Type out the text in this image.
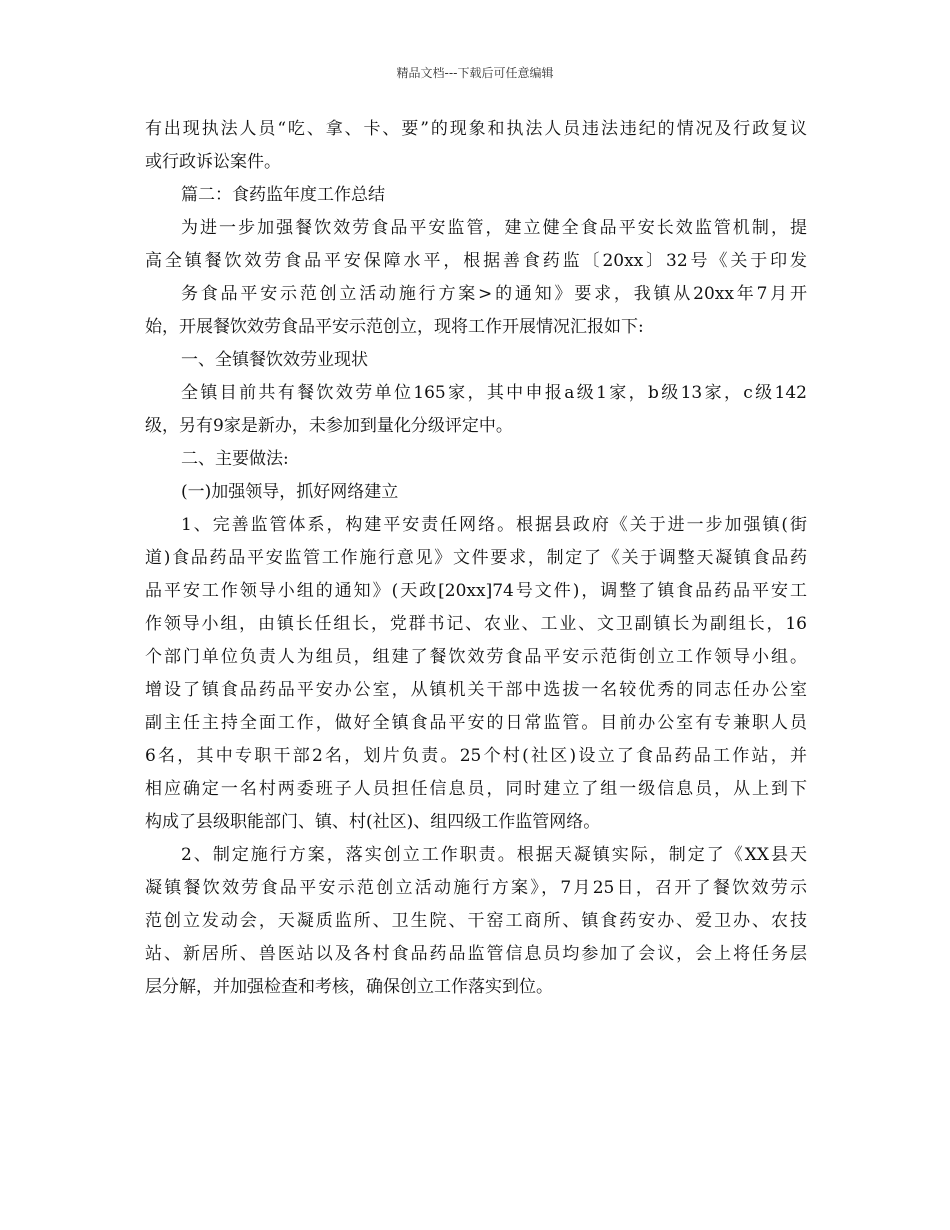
精品文档---下载后可任意编辑
有出现执法人员“吃、拿、卡、要”的现象和执法人员违法违纪的情况及行政复议
或行政诉讼案件。
篇二：食药监年度工作总结
为进一步加强餐饮效劳食品平安监管，建立健全食品平安长效监管机制，提
高全镇餐饮效劳食品平安保障水平，根据善食药监〔20xx〕32号《关于印发
务食品平安示范创立活动施行方案>的通知》要求，我镇从20xx年7月开
始，开展餐饮效劳食品平安示范创立，现将工作开展情况汇报如下:
一、全镇餐饮效劳业现状
全镇目前共有餐饮效劳单位165家，其中申报a级1家，b级13家，c级142
级，另有9家是新办，未参加到量化分级评定中。
二、主要做法:
(一)加强领导，抓好网络建立
1、完善监管体系，构建平安责任网络。根据县政府《关于进一步加强镇(街
道)食品药品平安监管工作施行意见》文件要求，制定了《关于调整天凝镇食品药
品平安工作领导小组的通知》(天政[20xx]74号文件)，调整了镇食品药品平安工
作领导小组，由镇长任组长，党群书记、农业、工业、文卫副镇长为副组长，16
个部门单位负责人为组员，组建了餐饮效劳食品平安示范街创立工作领导小组。
增设了镇食品药品平安办公室，从镇机关干部中选拔一名较优秀的同志任办公室
副主任主持全面工作，做好全镇食品平安的日常监管。目前办公室有专兼职人员
6名，其中专职干部2名，划片负责。25个村(社区)设立了食品药品工作站，并
相应确定一名村两委班子人员担任信息员，同时建立了组一级信息员，从上到下
构成了县级职能部门、镇、村(社区)、组四级工作监管网络。
2、制定施行方案，落实创立工作职责。根据天凝镇实际，制定了《XX县天
凝镇餐饮效劳食品平安示范创立活动施行方案》，7月25日，召开了餐饮效劳示
范创立发动会，天凝质监所、卫生院、干窑工商所、镇食药安办、爱卫办、农技
站、新居所、兽医站以及各村食品药品监管信息员均参加了会议，会上将任务层
层分解，并加强检查和考核，确保创立工作落实到位。
